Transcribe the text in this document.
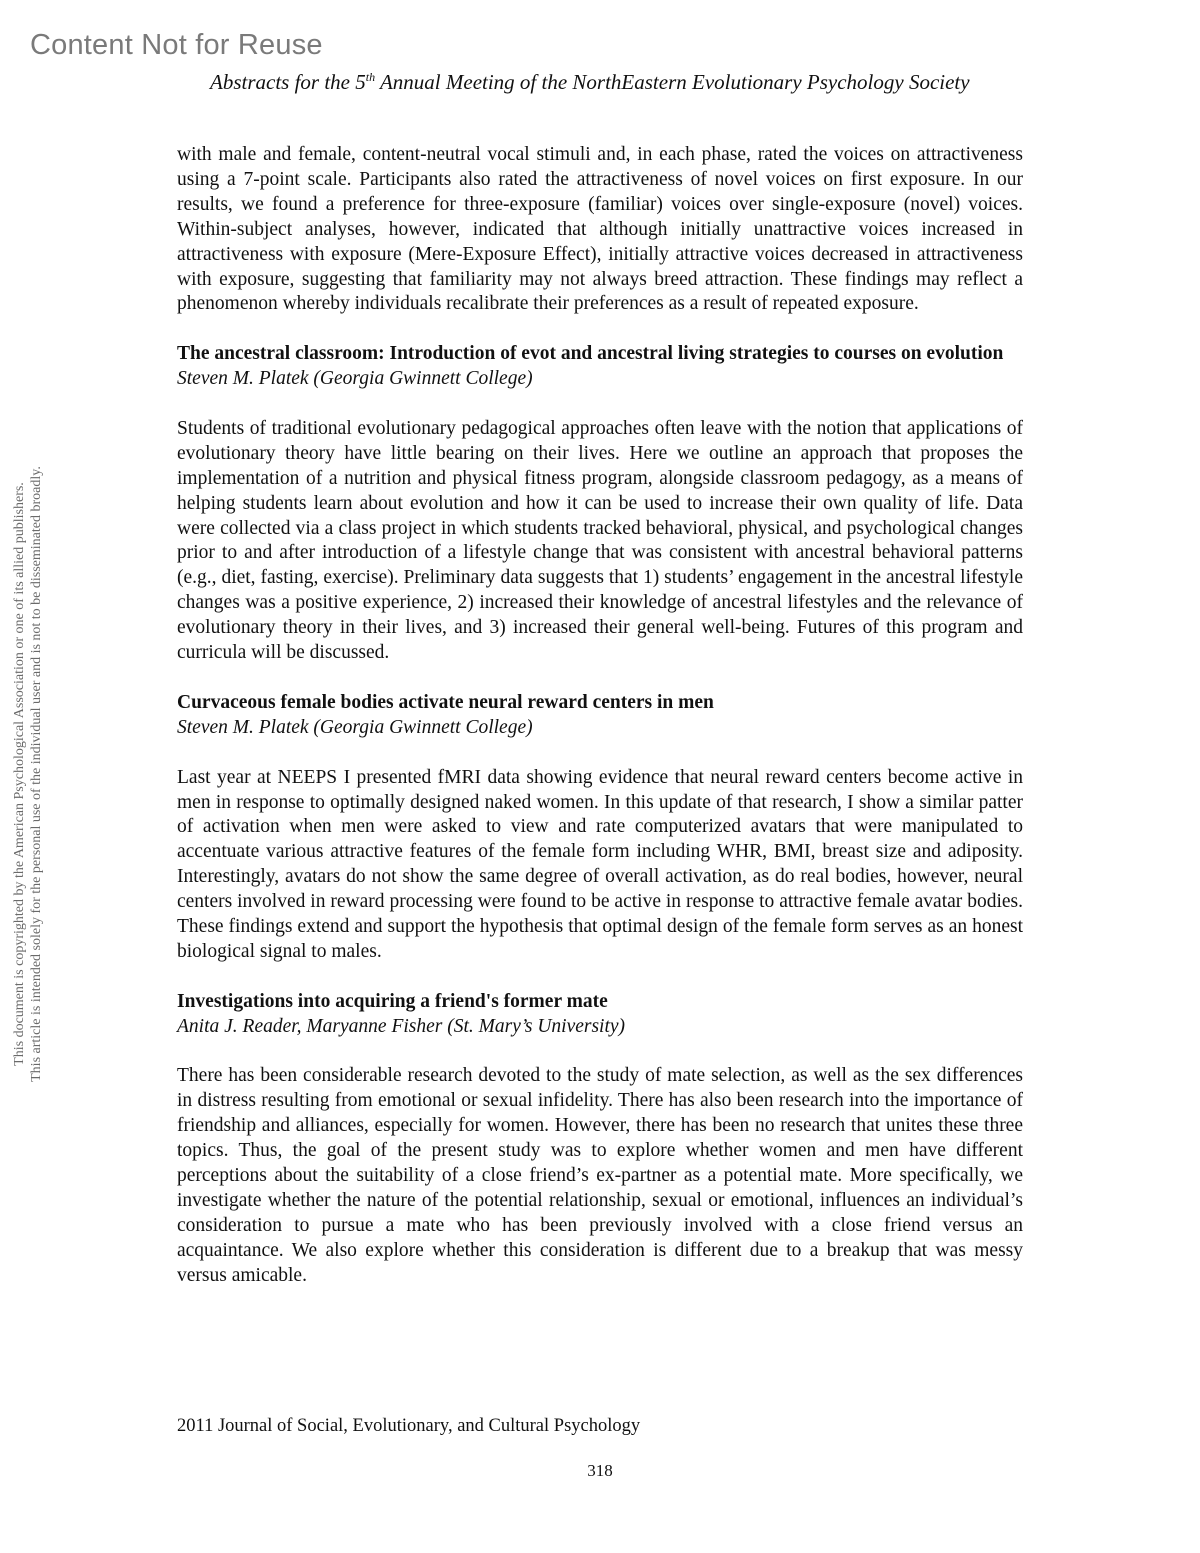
Content Not for Reuse
Abstracts for the 5th Annual Meeting of the NorthEastern Evolutionary Psychology Society
This document is copyrighted by the American Psychological Association or one of its allied publishers. This article is intended solely for the personal use of the individual user and is not to be disseminated broadly.

with male and female, content-neutral vocal stimuli and, in each phase, rated the voices on attractiveness using a 7-point scale. Participants also rated the attractiveness of novel voices on first exposure. In our results, we found a preference for three-exposure (familiar) voices over single-exposure (novel) voices. Within-subject analyses, however, indicated that although initially unattractive voices increased in attractiveness with exposure (Mere-Exposure Effect), initially attractive voices decreased in attractiveness with exposure, suggesting that familiarity may not always breed attraction. These findings may reflect a phenomenon whereby individuals recalibrate their preferences as a result of repeated exposure.

The ancestral classroom: Introduction of evot and ancestral living strategies to courses on evolution

Steven M. Platek (Georgia Gwinnett College)

Students of traditional evolutionary pedagogical approaches often leave with the notion that applications of evolutionary theory have little bearing on their lives. Here we outline an approach that proposes the implementation of a nutrition and physical fitness program, alongside classroom pedagogy, as a means of helping students learn about evolution and how it can be used to increase their own quality of life. Data were collected via a class project in which students tracked behavioral, physical, and psychological changes prior to and after introduction of a lifestyle change that was consistent with ancestral behavioral patterns (e.g., diet, fasting, exercise). Preliminary data suggests that 1) students’ engagement in the ancestral lifestyle changes was a positive experience, 2) increased their knowledge of ancestral lifestyles and the relevance of evolutionary theory in their lives, and 3) increased their general well-being. Futures of this program and curricula will be discussed.

Curvaceous female bodies activate neural reward centers in men

Steven M. Platek (Georgia Gwinnett College)

Last year at NEEPS I presented fMRI data showing evidence that neural reward centers become active in men in response to optimally designed naked women. In this update of that research, I show a similar patter of activation when men were asked to view and rate computerized avatars that were manipulated to accentuate various attractive features of the female form including WHR, BMI, breast size and adiposity. Interestingly, avatars do not show the same degree of overall activation, as do real bodies, however, neural centers involved in reward processing were found to be active in response to attractive female avatar bodies. These findings extend and support the hypothesis that optimal design of the female form serves as an honest biological signal to males.

Investigations into acquiring a friend's former mate

Anita J. Reader, Maryanne Fisher (St. Mary’s University)

There has been considerable research devoted to the study of mate selection, as well as the sex differences in distress resulting from emotional or sexual infidelity. There has also been research into the importance of friendship and alliances, especially for women. However, there has been no research that unites these three topics. Thus, the goal of the present study was to explore whether women and men have different perceptions about the suitability of a close friend’s ex-partner as a potential mate. More specifically, we investigate whether the nature of the potential relationship, sexual or emotional, influences an individual’s consideration to pursue a mate who has been previously involved with a close friend versus an acquaintance. We also explore whether this consideration is different due to a breakup that was messy versus amicable.

2011 Journal of Social, Evolutionary, and Cultural Psychology
318
